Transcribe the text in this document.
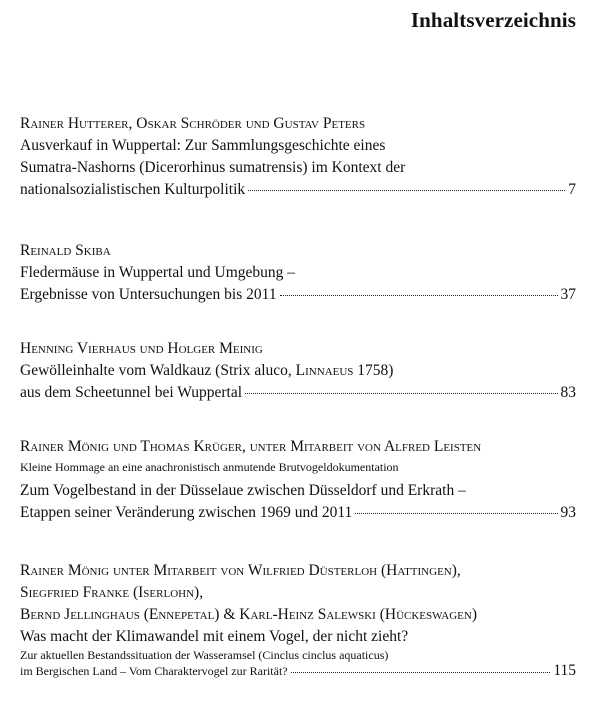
Inhaltsverzeichnis
Rainer Hutterer, Oskar Schröder und Gustav Peters
Ausverkauf in Wuppertal: Zur Sammlungsgeschichte eines
Sumatra-Nashorns (Dicerorhinus sumatrensis) im Kontext der
nationalsozialistischen Kulturpolitik	7
Reinald Skiba
Fledermäuse in Wuppertal und Umgebung –
Ergebnisse von Untersuchungen bis 2011	37
Henning Vierhaus und Holger Meinig
Gewölleinhalte vom Waldkauz (Strix aluco, Linnaeus 1758)
aus dem Scheetunnel bei Wuppertal	83
Rainer Mönig und Thomas Krüger, unter Mitarbeit von Alfred Leisten
Kleine Hommage an eine anachronistisch anmutende Brutvogeldokumentation
Zum Vogelbestand in der Düsselaue zwischen Düsseldorf und Erkrath –
Etappen seiner Veränderung zwischen 1969 und 2011	93
Rainer Mönig unter Mitarbeit von Wilfried Düsterloh (Hattingen),
Siegfried Franke (Iserlohn),
Bernd Jellinghaus (Ennepetal) & Karl-Heinz Salewski (Hückeswagen)
Was macht der Klimawandel mit einem Vogel, der nicht zieht?
Zur aktuellen Bestandssituation der Wasseramsel (Cinclus cinclus aquaticus)
im Bergischen Land – Vom Charaktervogel zur Rarität?	115
